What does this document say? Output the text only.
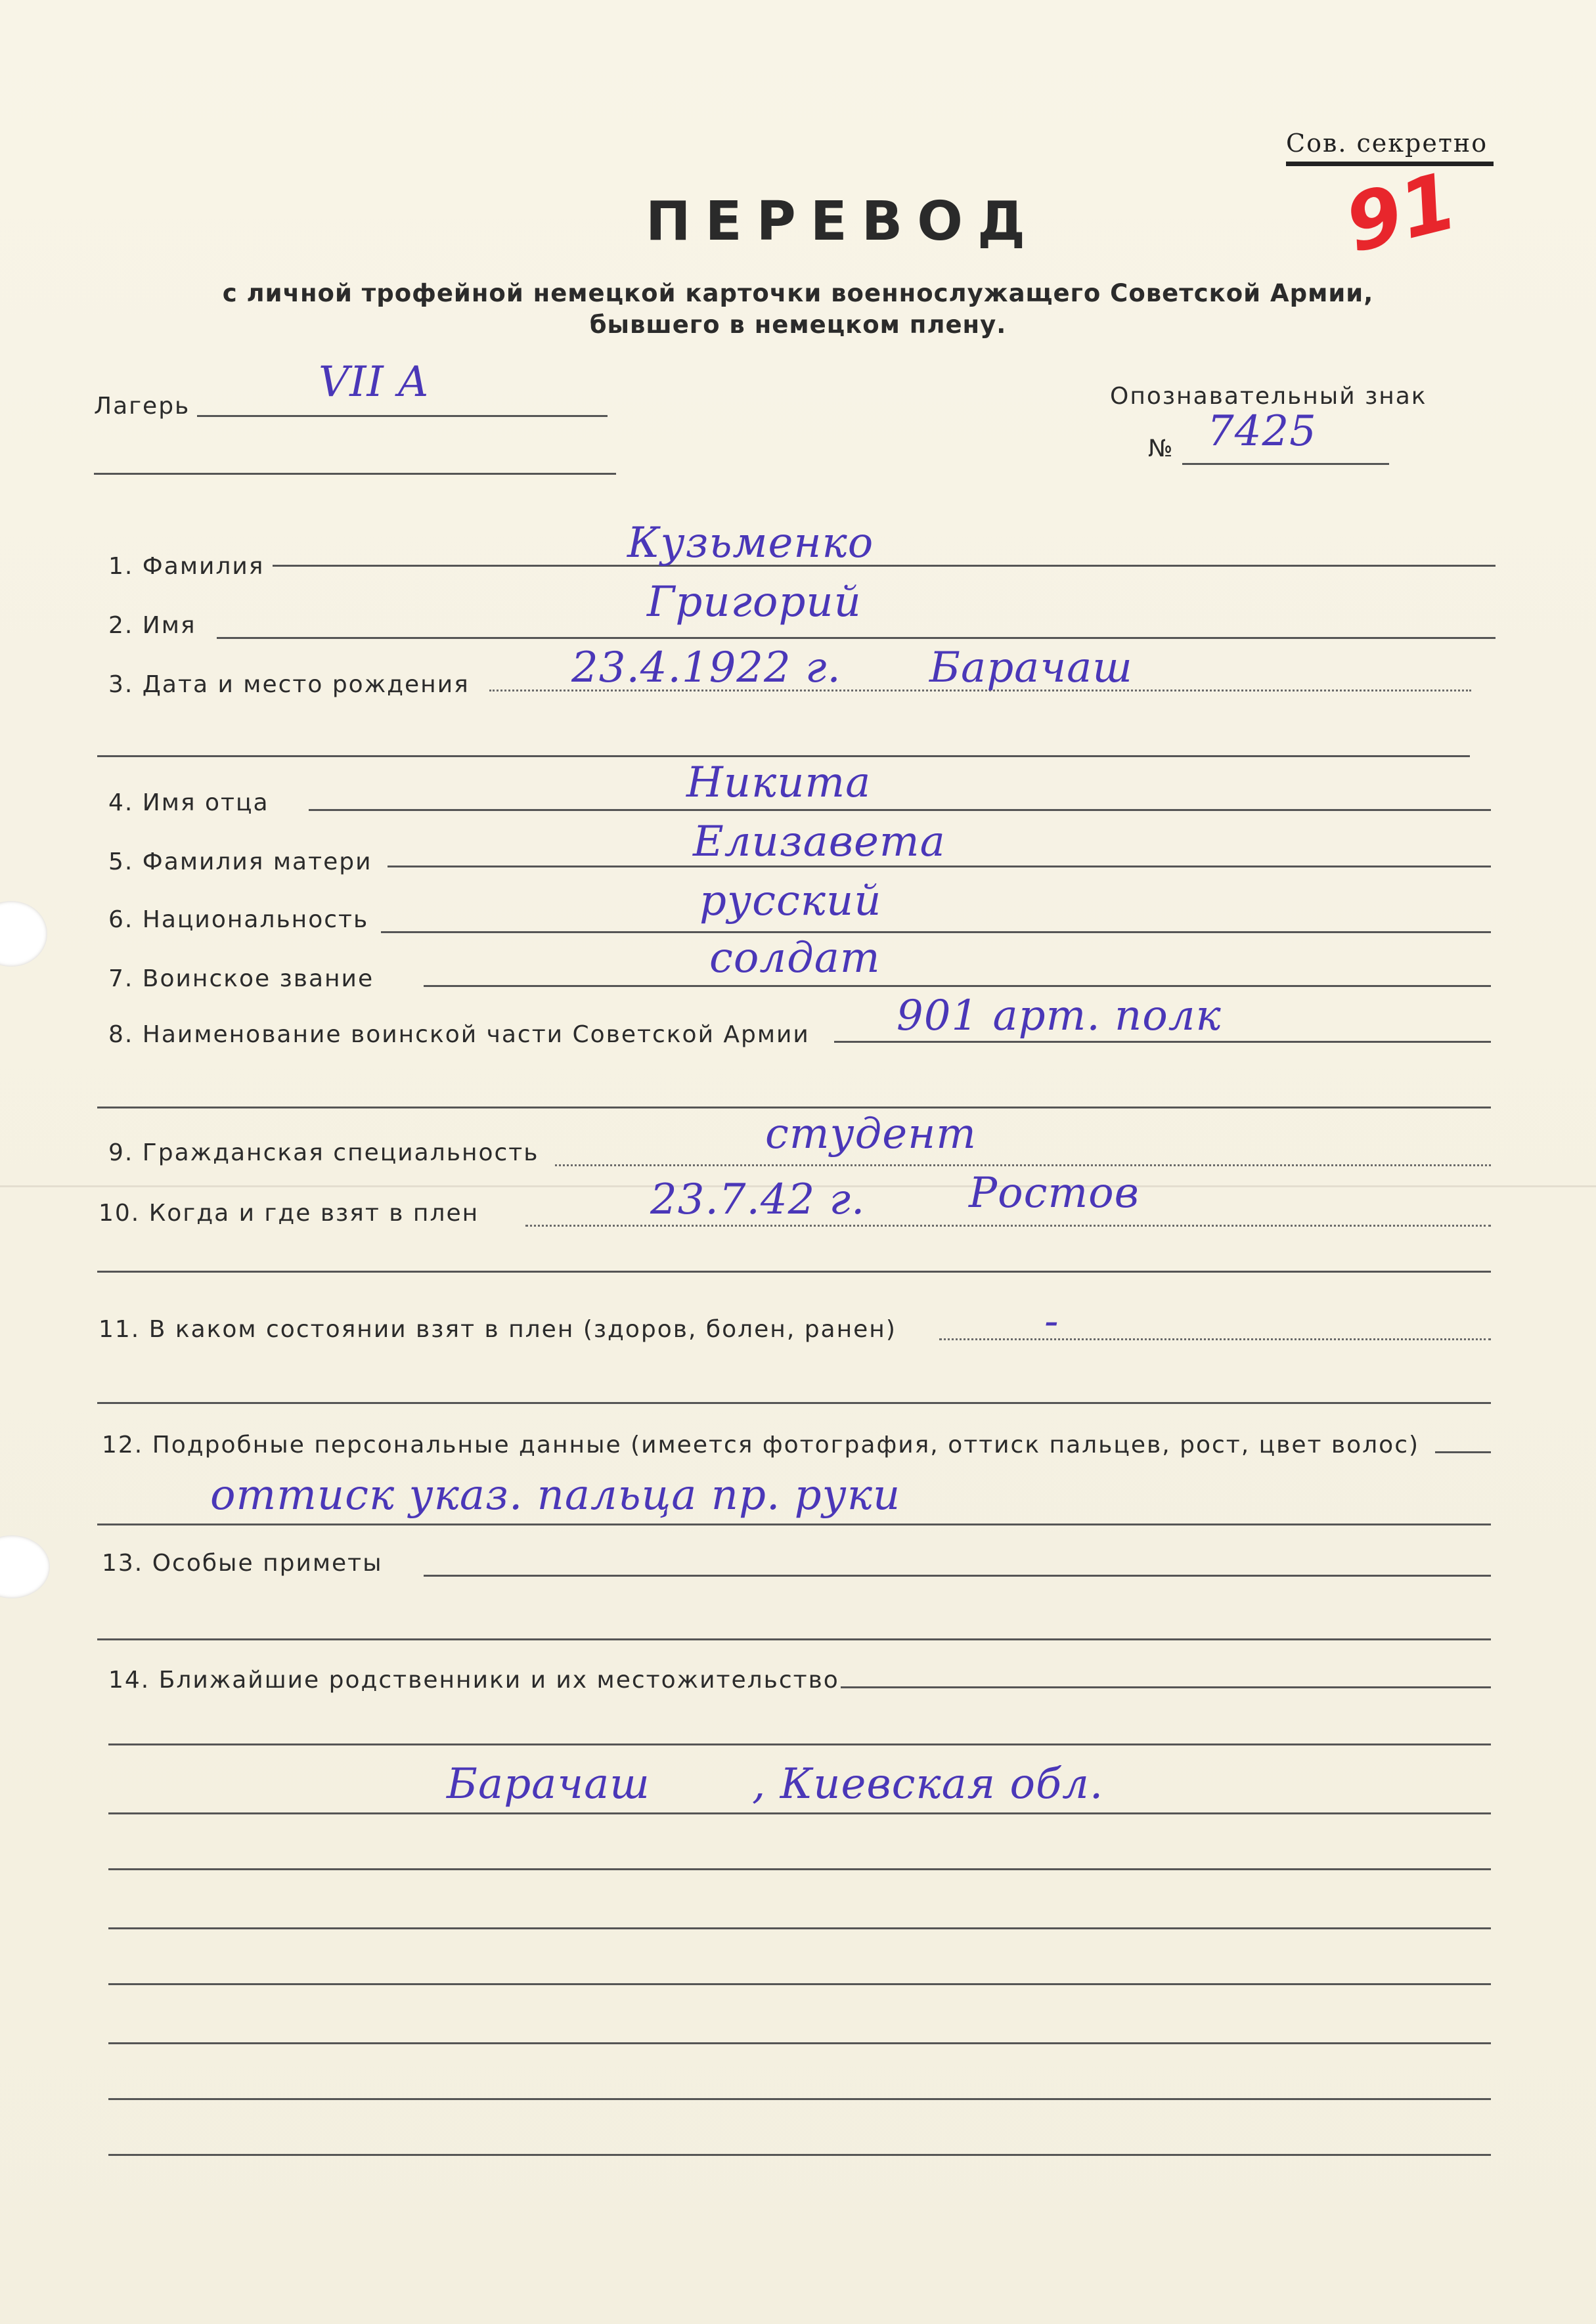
Сов. секретно
91
ПЕРЕВОД
с личной трофейной немецкой карточки военнослужащего Советской Армии,
бывшего в немецком плену.
Лагерь	VII A	Опознавательный знак
№ 7425
1. Фамилия	Кузьменко
2. Имя	Григорий
3. Дата и место рождения 23.4.1922 г. Барачаш
4. Имя отца	Никита
5. Фамилия матери	Елизавета
6. Национальность	русский
7. Воинское звание	солдат
8. Наименование воинской части Советской Армии 901 арт. полк
9. Гражданская специальность	студент
10. Когда и где взят в плен	23.7.42 г. Ростов
11. В каком состоянии взят в плен (здоров, болен, ранен)	-
12. Подробные персональные данные (имеется фотография, оттиск пальцев, рост, цвет волос)
оттиск указ. пальца пр. руки
13. Особые приметы
14. Ближайшие родственники и их местожительство
Барачаш , Киевская обл.
